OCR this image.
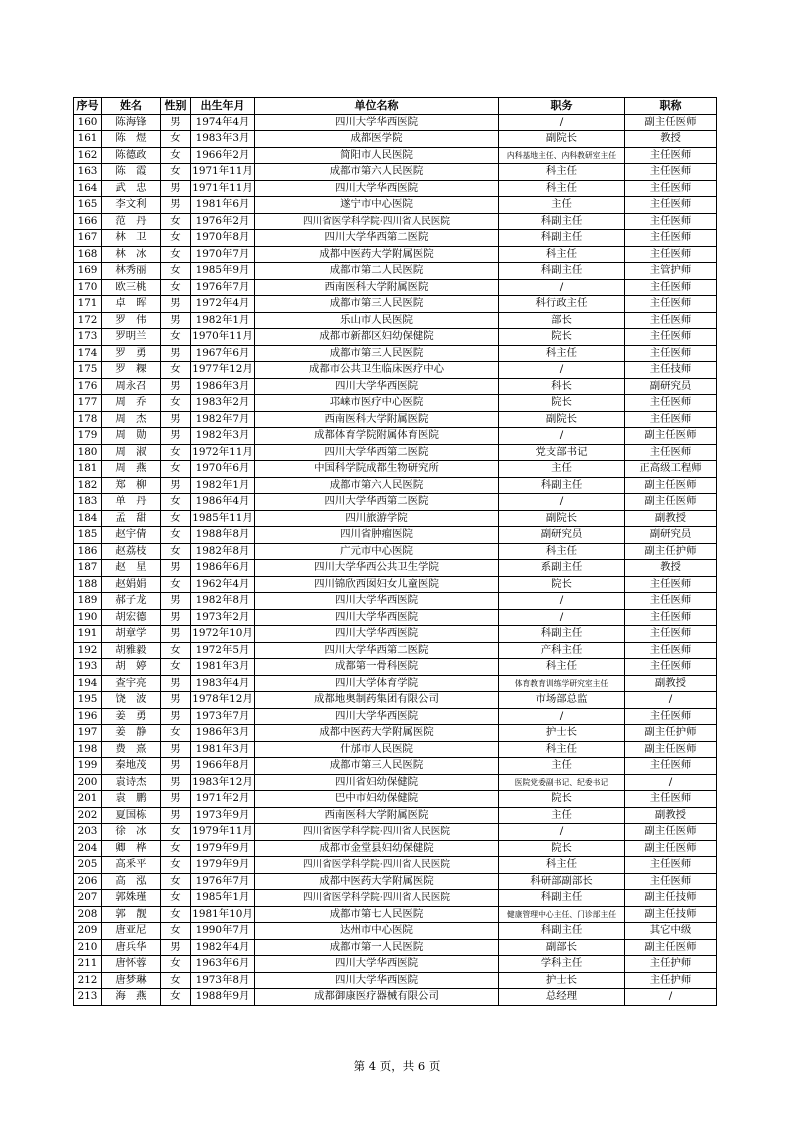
序号	姓名	性别	出生年月	单位名称	职务	职称
160	陈海锋	男	1974年4月	四川大学华西医院	/	副主任医师
161	陈　煜	女	1983年3月	成都医学院	副院长	教授
162	陈德政	女	1966年2月	简阳市人民医院	内科基地主任、内科教研室主任	主任医师
163	陈　霞	女	1971年11月	成都市第六人民医院	科主任	主任医师
164	武　忠	男	1971年11月	四川大学华西医院	科主任	主任医师
165	李文利	男	1981年6月	遂宁市中心医院	主任	主任医师
166	范　丹	女	1976年2月	四川省医学科学院·四川省人民医院	科副主任	主任医师
167	林　卫	女	1970年8月	四川大学华西第二医院	科副主任	主任医师
168	林　冰	女	1970年7月	成都中医药大学附属医院	科主任	主任医师
169	林秀丽	女	1985年9月	成都市第二人民医院	科副主任	主管护师
170	欧三桃	女	1976年7月	西南医科大学附属医院	/	主任医师
171	卓　晖	男	1972年4月	成都市第三人民医院	科行政主任	主任医师
172	罗　伟	男	1982年1月	乐山市人民医院	部长	主任医师
173	罗明兰	女	1970年11月	成都市新都区妇幼保健院	院长	主任医师
174	罗　勇	男	1967年6月	成都市第三人民医院	科主任	主任医师
175	罗　粿	女	1977年12月	成都市公共卫生临床医疗中心	/	主任技师
176	周永召	男	1986年3月	四川大学华西医院	科长	副研究员
177	周　乔	女	1983年2月	邛崃市医疗中心医院	院长	主任医师
178	周　杰	男	1982年7月	西南医科大学附属医院	副院长	主任医师
179	周　勋	男	1982年3月	成都体育学院附属体育医院	/	副主任医师
180	周　淑	女	1972年11月	四川大学华西第二医院	党支部书记	主任医师
181	周　燕	女	1970年6月	中国科学院成都生物研究所	主任	正高级工程师
182	郑　柳	男	1982年1月	成都市第六人民医院	科副主任	副主任医师
183	单　丹	女	1986年4月	四川大学华西第二医院	/	副主任医师
184	孟　甜	女	1985年11月	四川旅游学院	副院长	副教授
185	赵宇倩	女	1988年8月	四川省肿瘤医院	副研究员	副研究员
186	赵荔枝	女	1982年8月	广元市中心医院	科主任	副主任护师
187	赵　星	男	1986年6月	四川大学华西公共卫生学院	系副主任	教授
188	赵娟娟	女	1962年4月	四川锦欣西囡妇女儿童医院	院长	主任医师
189	郝子龙	男	1982年8月	四川大学华西医院	/	主任医师
190	胡宏德	男	1973年2月	四川大学华西医院	/	主任医师
191	胡章学	男	1972年10月	四川大学华西医院	科副主任	主任医师
192	胡雅毅	女	1972年5月	四川大学华西第二医院	产科主任	主任医师
193	胡　婷	女	1981年3月	成都第一骨科医院	科主任	主任医师
194	查宇亮	男	1983年4月	四川大学体育学院	体育教育训练学研究室主任	副教授
195	饶　波	男	1978年12月	成都地奥制药集团有限公司	市场部总监	/
196	姜　勇	男	1973年7月	四川大学华西医院	/	主任医师
197	姜　静	女	1986年3月	成都中医药大学附属医院	护士长	副主任护师
198	费　熹	男	1981年3月	什邡市人民医院	科主任	副主任医师
199	秦地茂	男	1966年8月	成都市第三人民医院	主任	主任医师
200	袁诗杰	男	1983年12月	四川省妇幼保健院	医院党委副书记、纪委书记	/
201	袁　鹏	男	1971年2月	巴中市妇幼保健院	院长	主任医师
202	夏国栋	男	1973年9月	西南医科大学附属医院	主任	副教授
203	徐　冰	女	1979年11月	四川省医学科学院·四川省人民医院	/	副主任医师
204	卿　桦	女	1979年9月	成都市金堂县妇幼保健院	院长	副主任医师
205	高釆平	女	1979年9月	四川省医学科学院·四川省人民医院	科主任	主任医师
206	高　泓	女	1976年7月	成都中医药大学附属医院	科研部副部长	主任医师
207	郭姝瑾	女	1985年1月	四川省医学科学院·四川省人民医院	科副主任	副主任技师
208	郭　靓	女	1981年10月	成都市第七人民医院	健康管理中心主任、门诊部主任	副主任技师
209	唐亚尼	女	1990年7月	达州市中心医院	科副主任	其它中级
210	唐兵华	男	1982年4月	成都市第一人民医院	副部长	副主任医师
211	唐怀蓉	女	1963年6月	四川大学华西医院	学科主任	主任护师
212	唐梦琳	女	1973年8月	四川大学华西医院	护士长	主任护师
213	海　燕	女	1988年9月	成都御康医疗器械有限公司	总经理	/
第 4 页，共 6 页
